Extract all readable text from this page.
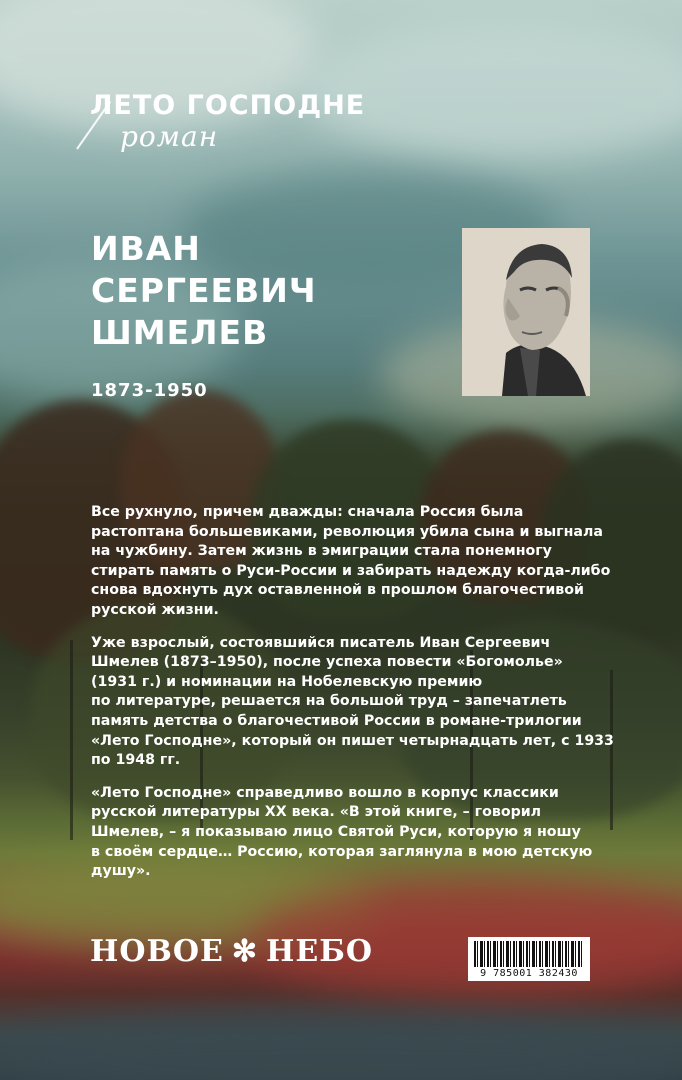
ЛЕТО ГОСПОДНЕ
роман
ИВАН
СЕРГЕЕВИЧ
ШМЕЛЕВ
1873-1950

Все рухнуло, причем дважды: сначала Россия была
растоптана большевиками, революция убила сына и выгнала
на чужбину. Затем жизнь в эмиграции стала понемногу
стирать память о Руси-России и забирать надежду когда-либо
снова вдохнуть дух оставленной в прошлом благочестивой
русской жизни.

Уже взрослый, состоявшийся писатель Иван Сергеевич
Шмелев (1873–1950), после успеха повести «Богомолье»
(1931 г.) и номинации на Нобелевскую премию
по литературе, решается на большой труд – запечатлеть
память детства о благочестивой России в романе-трилогии
«Лето Господне», который он пишет четырнадцать лет, с 1933
по 1948 гг.

«Лето Господне» справедливо вошло в корпус классики
русской литературы XX века. «В этой книге, – говорил
Шмелев, – я показываю лицо Святой Руси, которую я ношу
в своём сердце… Россию, которая заглянула в мою детскую
душу».

НОВОЕ ✻ НЕБО
9 785001 382430
